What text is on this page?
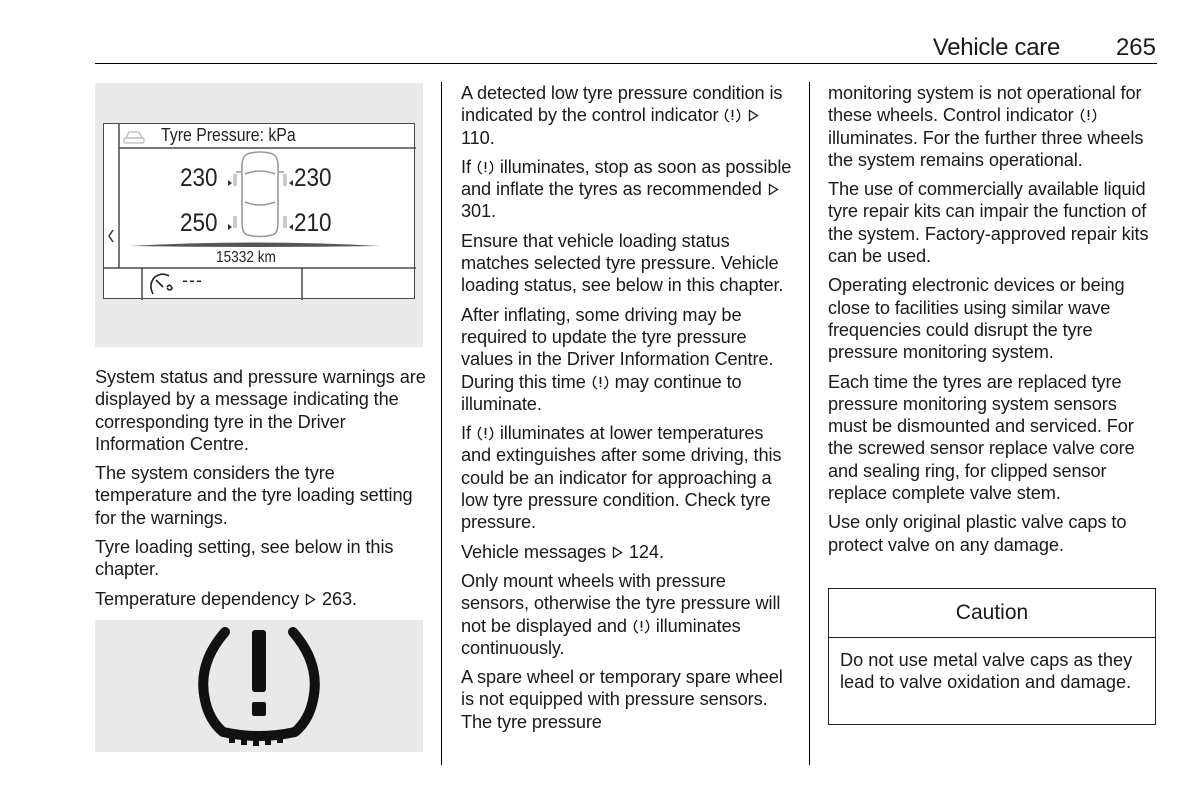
Vehicle care	265
Tyre Pressure: kPa
230	230
250	210
15332 km
---

System status and pressure warnings are displayed by a message indicating the corresponding tyre in the Driver Information Centre.

The system considers the tyre temperature and the tyre loading setting for the warnings.

Tyre loading setting, see below in this chapter.

Temperature dependency 263.

A detected low tyre pressure condition is indicated by the control indicator   110.

If illuminates, stop as soon as possible and inflate the tyres as recommended  301.

Ensure that vehicle loading status matches selected tyre pressure. Vehicle loading status, see below in this chapter.

After inflating, some driving may be required to update the tyre pressure values in the Driver Information Centre. During this time may continue to illuminate.

If illuminates at lower temperatures and extinguishes after some driving, this could be an indicator for approaching a low tyre pressure condition. Check tyre pressure.

Vehicle messages 124.

Only mount wheels with pressure sensors, otherwise the tyre pressure will not be displayed and illuminates continuously.

A spare wheel or temporary spare wheel is not equipped with pressure sensors. The tyre pressure

monitoring system is not operational for these wheels. Control indicator  illuminates. For the further three wheels the system remains operational.

The use of commercially available liquid tyre repair kits can impair the function of the system. Factory-approved repair kits can be used.

Operating electronic devices or being close to facilities using similar wave frequencies could disrupt the tyre pressure monitoring system.

Each time the tyres are replaced tyre pressure monitoring system sensors must be dismounted and serviced. For the screwed sensor replace valve core and sealing ring, for clipped sensor replace complete valve stem.

Use only original plastic valve caps to protect valve on any damage.

Caution
Do not use metal valve caps as they lead to valve oxidation and damage.
